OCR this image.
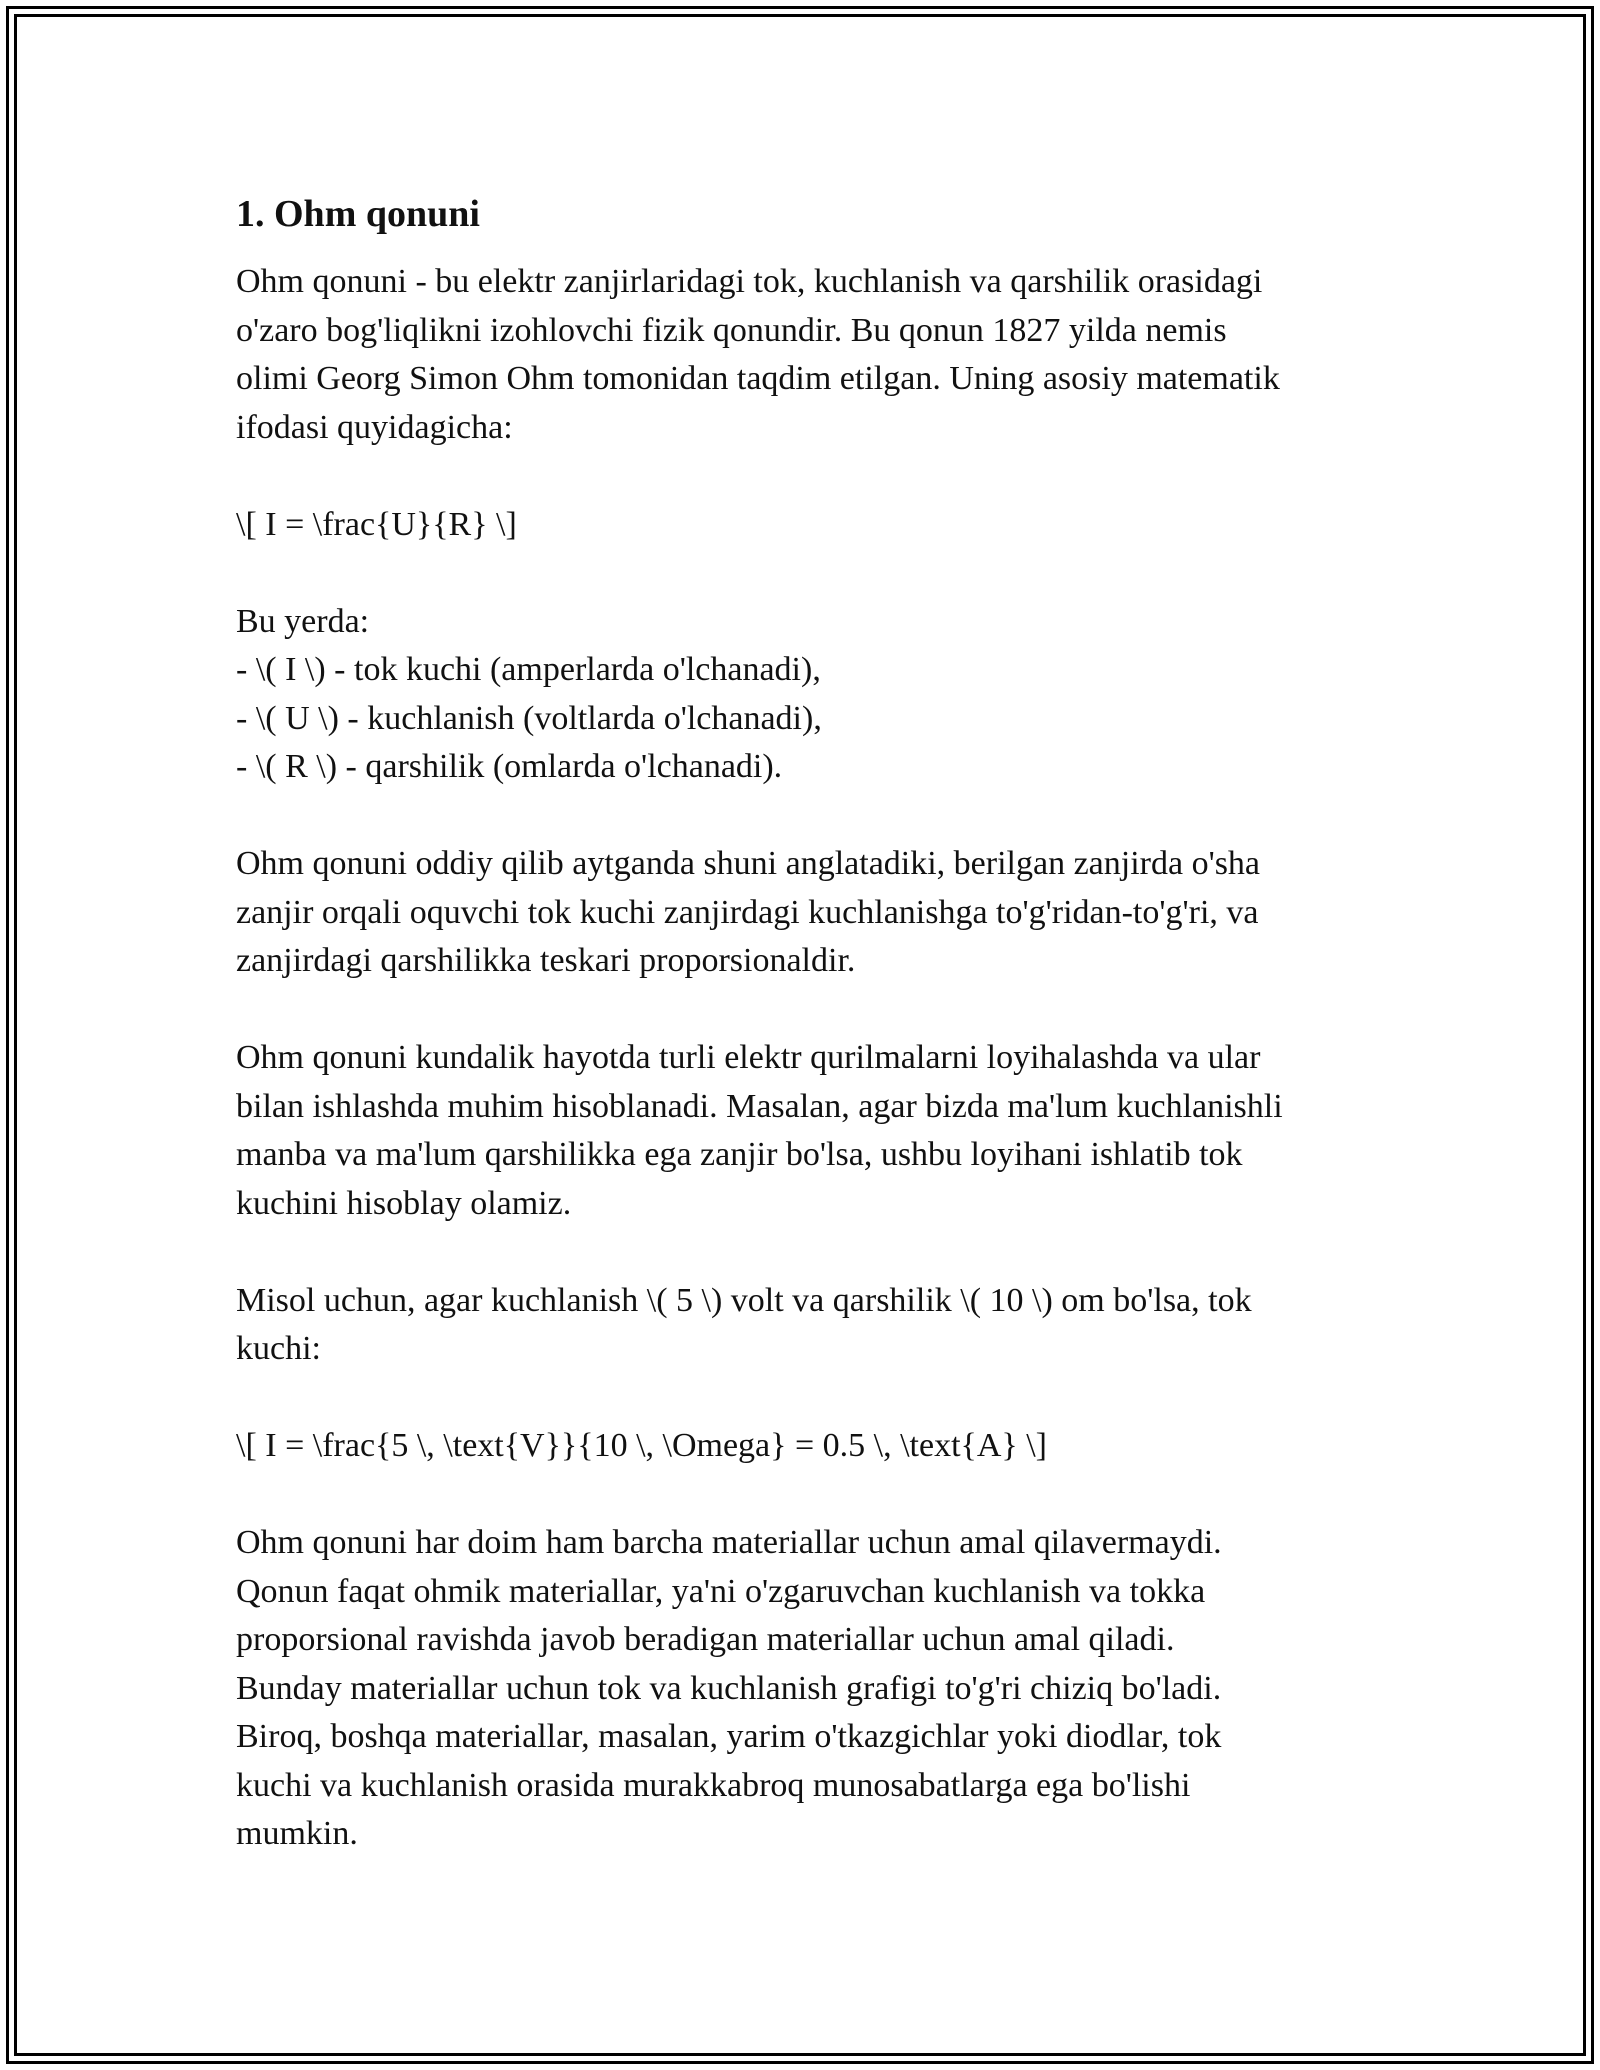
1. Ohm qonuni
Ohm qonuni - bu elektr zanjirlaridagi tok, kuchlanish va qarshilik orasidagi
o'zaro bog'liqlikni izohlovchi fizik qonundir. Bu qonun 1827 yilda nemis
olimi Georg Simon Ohm tomonidan taqdim etilgan. Uning asosiy matematik
ifodasi quyidagicha:
\[ I = \frac{U}{R} \]
Bu yerda:
- \( I \) - tok kuchi (amperlarda o'lchanadi),
- \( U \) - kuchlanish (voltlarda o'lchanadi),
- \( R \) - qarshilik (omlarda o'lchanadi).
Ohm qonuni oddiy qilib aytganda shuni anglatadiki, berilgan zanjirda o'sha
zanjir orqali oquvchi tok kuchi zanjirdagi kuchlanishga to'g'ridan-to'g'ri, va
zanjirdagi qarshilikka teskari proporsionaldir.
Ohm qonuni kundalik hayotda turli elektr qurilmalarni loyihalashda va ular
bilan ishlashda muhim hisoblanadi. Masalan, agar bizda ma'lum kuchlanishli
manba va ma'lum qarshilikka ega zanjir bo'lsa, ushbu loyihani ishlatib tok
kuchini hisoblay olamiz.
Misol uchun, agar kuchlanish \( 5 \) volt va qarshilik \( 10 \) om bo'lsa, tok
kuchi:
\[ I = \frac{5 \, \text{V}}{10 \, \Omega} = 0.5 \, \text{A} \]
Ohm qonuni har doim ham barcha materiallar uchun amal qilavermaydi.
Qonun faqat ohmik materiallar, ya'ni o'zgaruvchan kuchlanish va tokka
proporsional ravishda javob beradigan materiallar uchun amal qiladi.
Bunday materiallar uchun tok va kuchlanish grafigi to'g'ri chiziq bo'ladi.
Biroq, boshqa materiallar, masalan, yarim o'tkazgichlar yoki diodlar, tok
kuchi va kuchlanish orasida murakkabroq munosabatlarga ega bo'lishi
mumkin.
